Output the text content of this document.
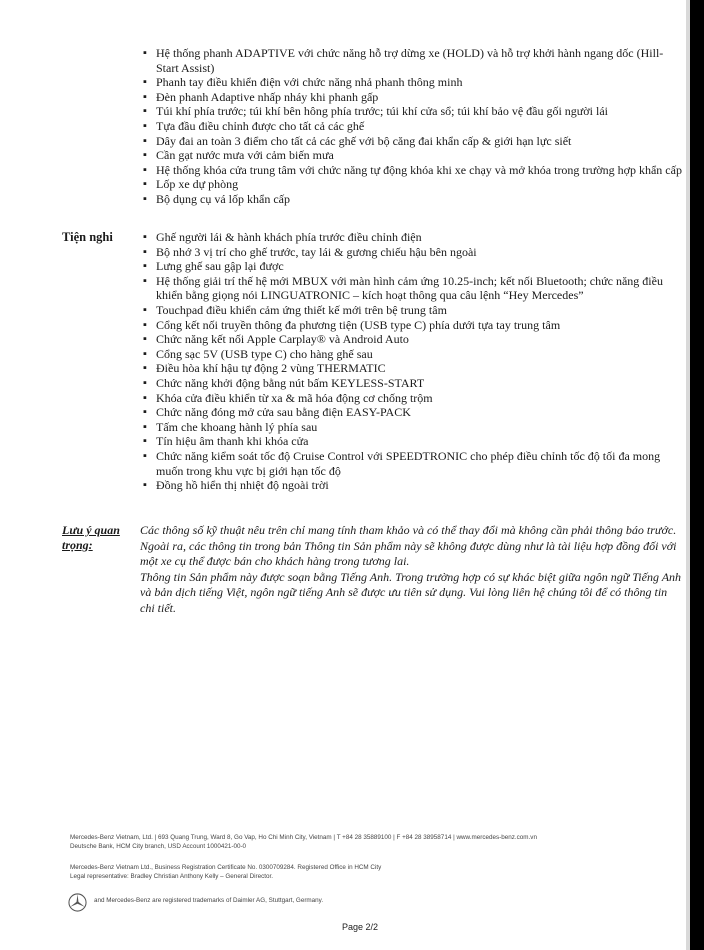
▪ Hệ thống phanh ADAPTIVE với chức năng hỗ trợ dừng xe (HOLD) và hỗ trợ khởi hành ngang dốc (Hill-Start Assist)
▪ Phanh tay điều khiển điện với chức năng nhả phanh thông minh
▪ Đèn phanh Adaptive nhấp nháy khi phanh gấp
▪ Túi khí phía trước; túi khí bên hông phía trước; túi khí cửa sổ; túi khí bảo vệ đầu gối người lái
▪ Tựa đầu điều chỉnh được cho tất cả các ghế
▪ Dây đai an toàn 3 điểm cho tất cả các ghế với bộ căng đai khẩn cấp & giới hạn lực siết
▪ Cần gạt nước mưa với cảm biến mưa
▪ Hệ thống khóa cửa trung tâm với chức năng tự động khóa khi xe chạy và mở khóa trong trường hợp khẩn cấp
▪ Lốp xe dự phòng
▪ Bộ dụng cụ vá lốp khẩn cấp
Tiện nghi
▪	Ghế người lái & hành khách phía trước điều chỉnh điện
▪ Bộ nhớ 3 vị trí cho ghế trước, tay lái & gương chiếu hậu bên ngoài
▪ Lưng ghế sau gập lại được
▪ Hệ thống giải trí thế hệ mới MBUX với màn hình cảm ứng 10.25-inch; kết nối Bluetooth; chức năng điều khiển bằng giọng nói LINGUATRONIC – kích hoạt thông qua câu lệnh “Hey Mercedes”
▪ Touchpad điều khiển cảm ứng thiết kế mới trên bệ trung tâm
▪ Cổng kết nối truyền thông đa phương tiện (USB type C) phía dưới tựa tay trung tâm
▪ Chức năng kết nối Apple Carplay® và Android Auto
▪ Cổng sạc 5V (USB type C) cho hàng ghế sau
▪ Điều hòa khí hậu tự động 2 vùng THERMATIC
▪ Chức năng khởi động bằng nút bấm KEYLESS-START
▪ Khóa cửa điều khiển từ xa & mã hóa động cơ chống trộm
▪ Chức năng đóng mở cửa sau bằng điện EASY-PACK
▪ Tấm che khoang hành lý phía sau
▪ Tín hiệu âm thanh khi khóa cửa
▪ Chức năng kiểm soát tốc độ Cruise Control với SPEEDTRONIC cho phép điều chỉnh tốc độ tối đa mong muốn trong khu vực bị giới hạn tốc độ
▪ Đồng hồ hiển thị nhiệt độ ngoài trời
Lưu ý quan trọng:

Các thông số kỹ thuật nêu trên chỉ mang tính tham khảo và có thể thay đổi mà không cần phải thông báo trước. Ngoài ra, các thông tin trong bản Thông tin Sản phẩm này sẽ không được dùng như là tài liệu hợp đồng đối với một xe cụ thể được bán cho khách hàng trong tương lai.

Thông tin Sản phẩm này được soạn bằng Tiếng Anh. Trong trường hợp có sự khác biệt giữa ngôn ngữ Tiếng Anh và bản dịch tiếng Việt, ngôn ngữ tiếng Anh sẽ được ưu tiên sử dụng. Vui lòng liên hệ chúng tôi để có thông tin chi tiết.

Mercedes-Benz Vietnam, Ltd. | 693 Quang Trung, Ward 8, Go Vap, Ho Chi Minh City, Vietnam | T +84 28 35889100 | F +84 28 38958714 | www.mercedes-benz.com.vn

Deutsche Bank, HCM City branch, USD Account 1000421-00-0

Mercedes-Benz Vietnam Ltd., Business Registration Certificate No. 0300709284. Registered Office in HCM City

Legal representative: Bradley Christian Anthony Kelly – General Director.

and Mercedes-Benz are registered trademarks of Daimler AG, Stuttgart, Germany.

Page 2/2
